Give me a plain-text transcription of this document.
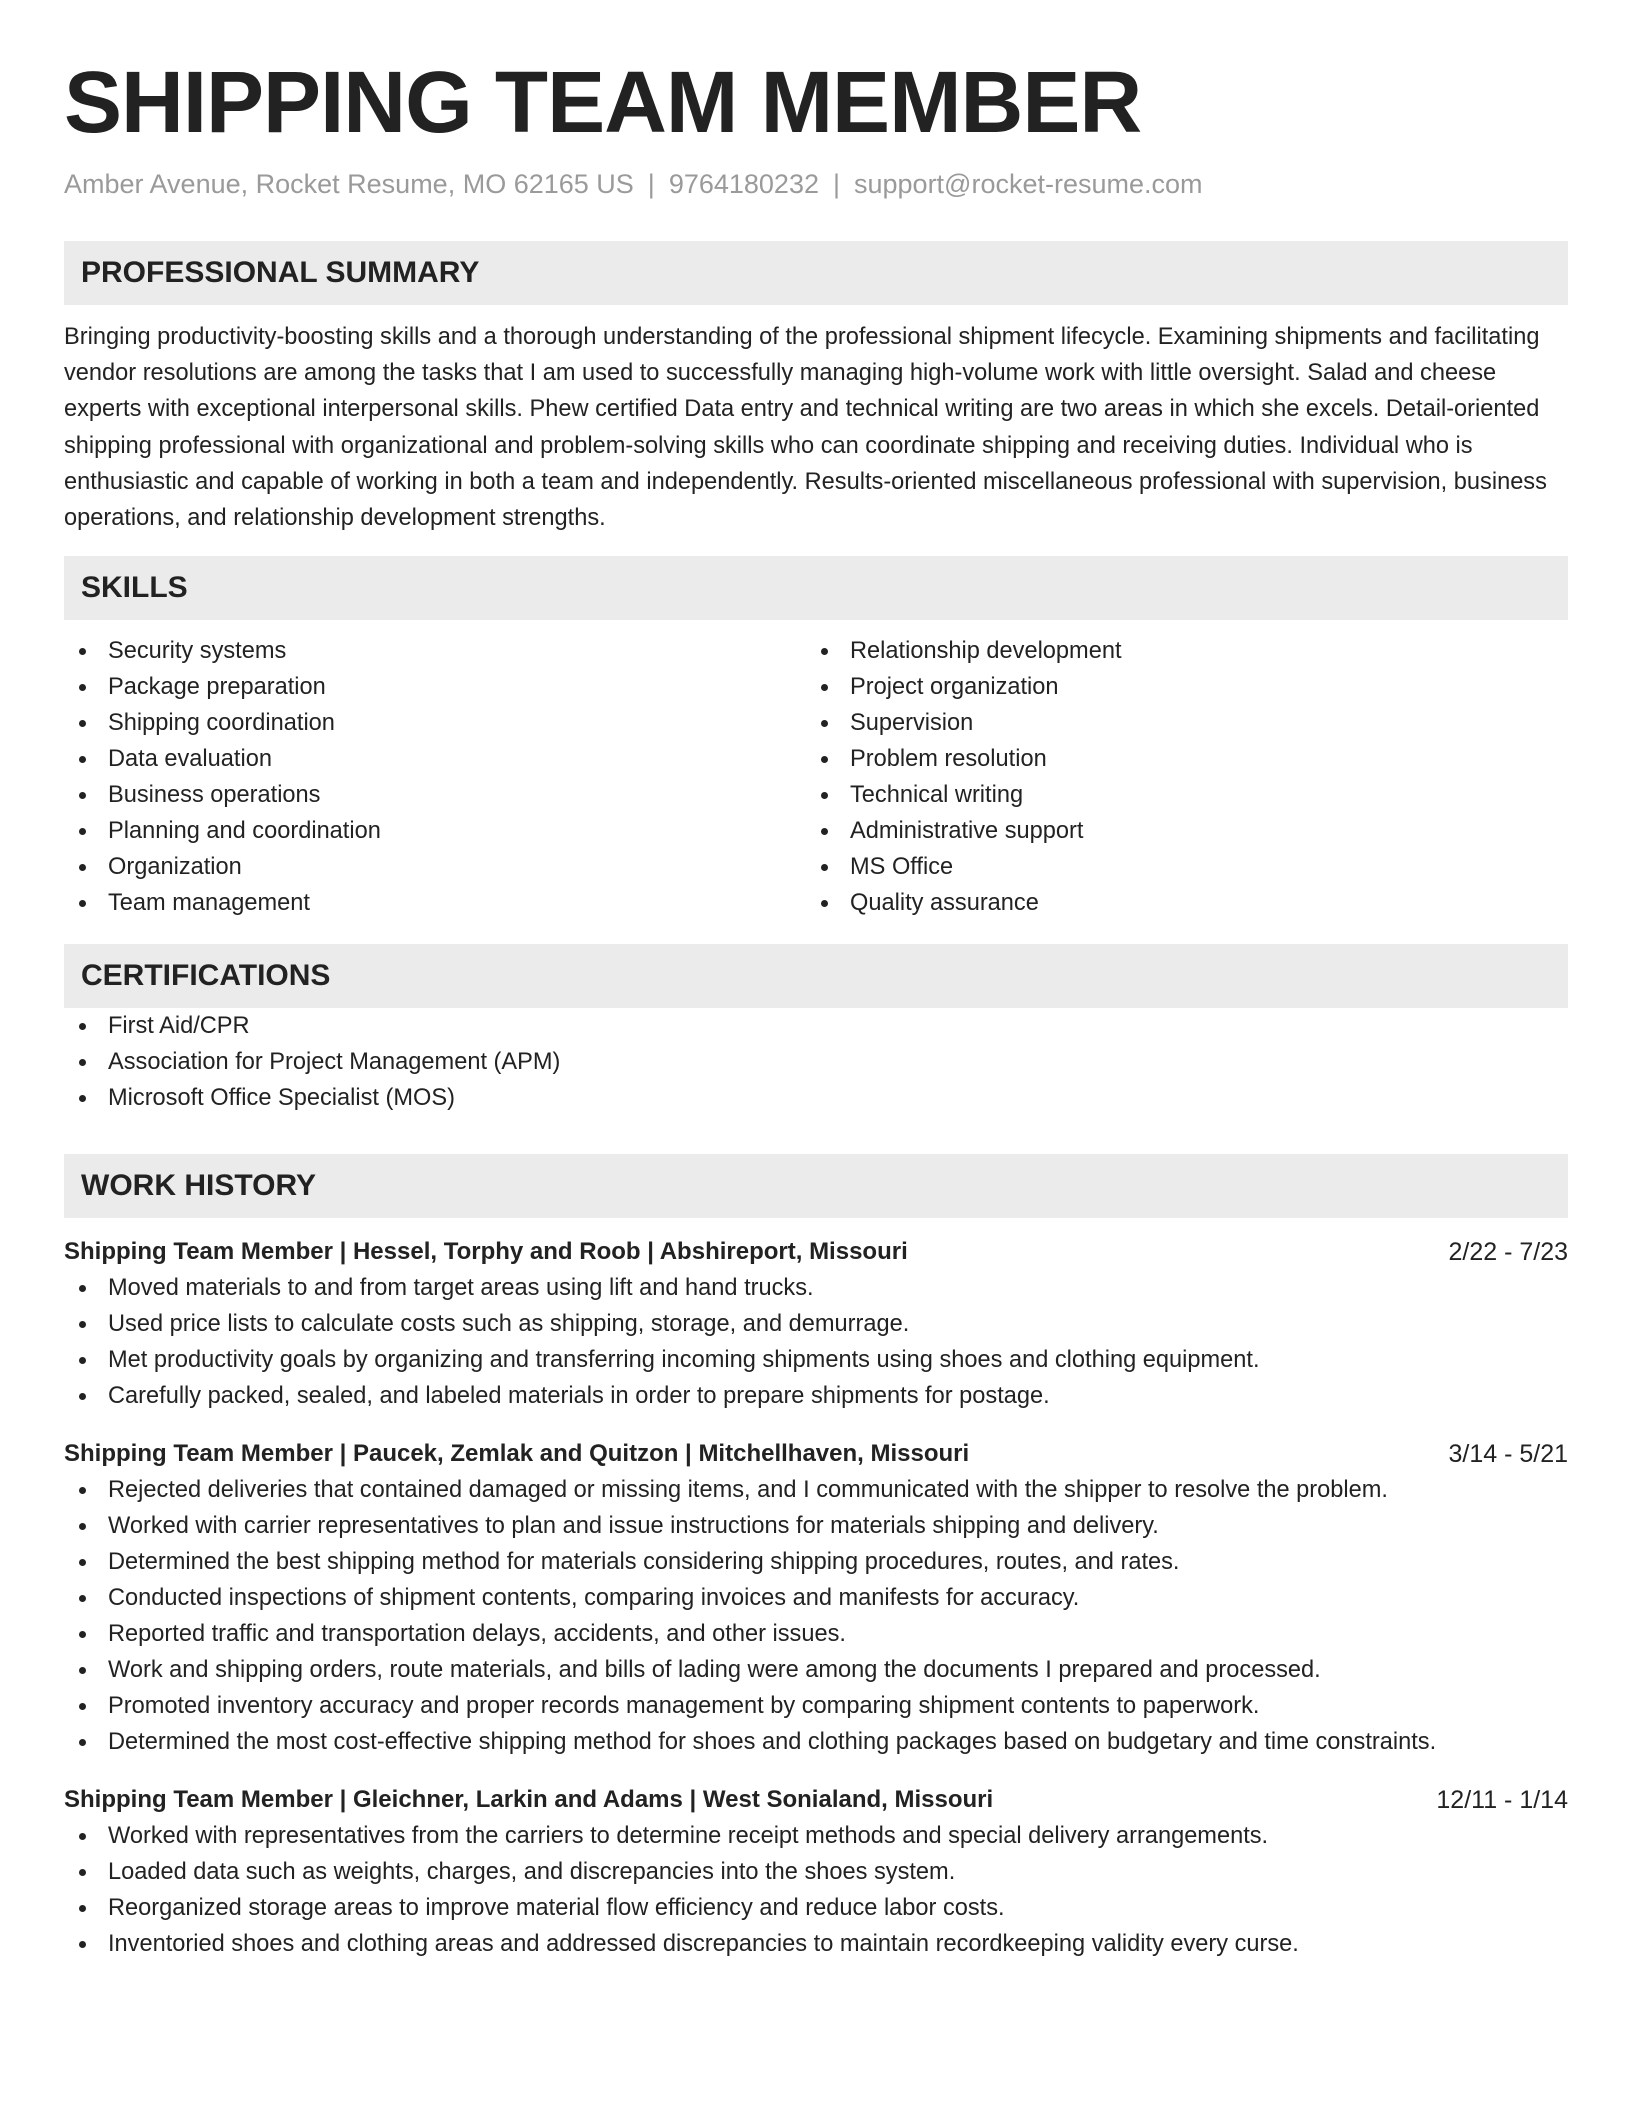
SHIPPING TEAM MEMBER
Amber Avenue, Rocket Resume, MO 62165 US | 9764180232 | support@rocket-resume.com
PROFESSIONAL SUMMARY

Bringing productivity-boosting skills and a thorough understanding of the professional shipment lifecycle. Examining shipments and facilitating vendor resolutions are among the tasks that I am used to successfully managing high-volume work with little oversight. Salad and cheese experts with exceptional interpersonal skills. Phew certified Data entry and technical writing are two areas in which she excels. Detail-oriented shipping professional with organizational and problem-solving skills who can coordinate shipping and receiving duties. Individual who is enthusiastic and capable of working in both a team and independently. Results-oriented miscellaneous professional with supervision, business operations, and relationship development strengths.

SKILLS
Security systems
Package preparation
Shipping coordination
Data evaluation
Business operations
Planning and coordination
Organization
Team management
Relationship development
Project organization
Supervision
Problem resolution
Technical writing
Administrative support
MS Office
Quality assurance
CERTIFICATIONS
First Aid/CPR
Association for Project Management (APM)
Microsoft Office Specialist (MOS)
WORK HISTORY
Shipping Team Member | Hessel, Torphy and Roob | Abshireport, Missouri	2/22 - 7/23
Moved materials to and from target areas using lift and hand trucks.
Used price lists to calculate costs such as shipping, storage, and demurrage.
Met productivity goals by organizing and transferring incoming shipments using shoes and clothing equipment.
Carefully packed, sealed, and labeled materials in order to prepare shipments for postage.
Shipping Team Member | Paucek, Zemlak and Quitzon | Mitchellhaven, Missouri	3/14 - 5/21
Rejected deliveries that contained damaged or missing items, and I communicated with the shipper to resolve the problem.
Worked with carrier representatives to plan and issue instructions for materials shipping and delivery.
Determined the best shipping method for materials considering shipping procedures, routes, and rates.
Conducted inspections of shipment contents, comparing invoices and manifests for accuracy.
Reported traffic and transportation delays, accidents, and other issues.
Work and shipping orders, route materials, and bills of lading were among the documents I prepared and processed.
Promoted inventory accuracy and proper records management by comparing shipment contents to paperwork.
Determined the most cost-effective shipping method for shoes and clothing packages based on budgetary and time constraints.
Shipping Team Member | Gleichner, Larkin and Adams | West Sonialand, Missouri	12/11 - 1/14
Worked with representatives from the carriers to determine receipt methods and special delivery arrangements.
Loaded data such as weights, charges, and discrepancies into the shoes system.
Reorganized storage areas to improve material flow efficiency and reduce labor costs.
Inventoried shoes and clothing areas and addressed discrepancies to maintain recordkeeping validity every curse.
